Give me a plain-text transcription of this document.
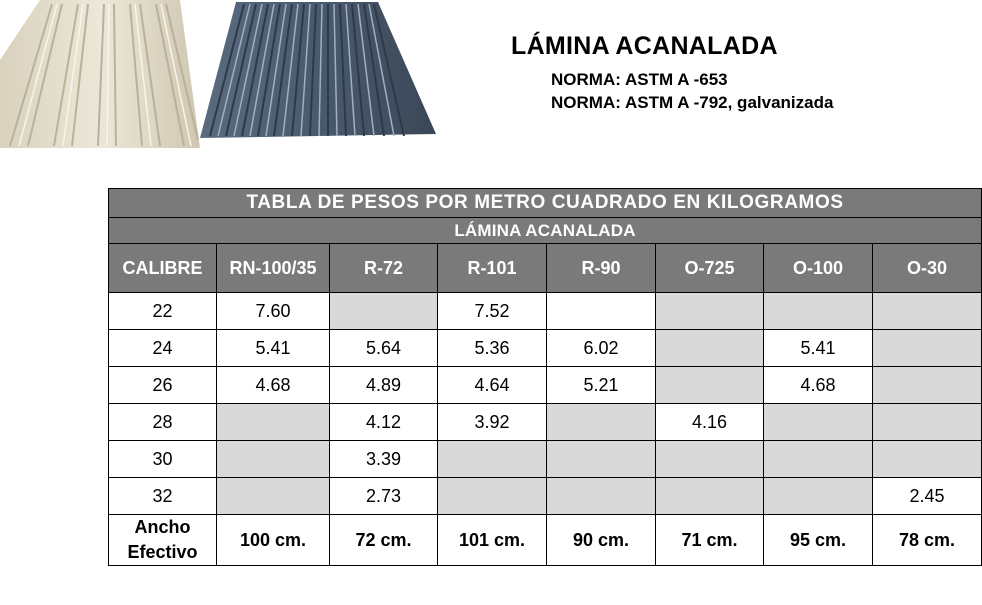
LÁMINA ACANALADA
NORMA: ASTM A -653
NORMA: ASTM A -792, galvanizada
TABLA DE PESOS POR METRO CUADRADO EN KILOGRAMOS							
LÁMINA ACANALADA							
CALIBRE	RN-100/35	R-72	R-101	R-90	O-725	O-100	O-30
22	7.60		7.52				
24	5.41	5.64	5.36	6.02		5.41	
26	4.68	4.89	4.64	5.21		4.68	
28		4.12	3.92		4.16		
30		3.39					
32		2.73					2.45
Ancho
Efectivo	100 cm.	72 cm.	101 cm.	90 cm.	71 cm.	95 cm.	78 cm.
